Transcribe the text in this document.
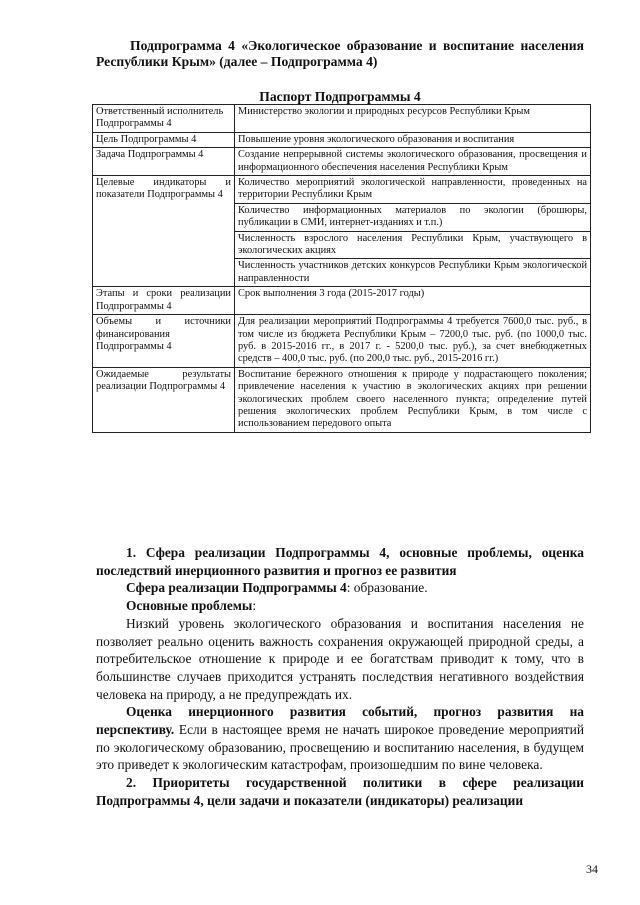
Подпрограмма 4 «Экологическое образование и воспитание населения Республики Крым» (далее – Подпрограмма 4)
Паспорт Подпрограммы 4
Ответственный исполнитель Подпрограммы 4	Министерство экологии и природных ресурсов Республики Крым
Цель Подпрограммы 4	Повышение уровня экологического образования и воспитания
Задача Подпрограммы 4	Создание непрерывной системы экологического образования, просвещения и информационного обеспечения населения Республики Крым
Целевые индикаторы и показатели Подпрограммы 4	Количество мероприятий экологической направленности, проведенных на территории Республики Крым
	Количество информационных материалов по экологии (брошюры, публикации в СМИ, интернет-изданиях и т.п.)
	Численность взрослого населения Республики Крым, участвующего в экологических акциях
	Численность участников детских конкурсов Республики Крым экологической направленности
Этапы и сроки реализации Подпрограммы 4	Срок выполнения 3 года (2015-2017 годы)
Объемы и источники финансирования Подпрограммы 4	Для реализации мероприятий Подпрограммы 4 требуется 7600,0 тыс. руб., в том числе из бюджета Республики Крым – 7200,0 тыс. руб. (по 1000,0 тыс. руб. в 2015-2016 гг., в 2017 г. - 5200,0 тыс. руб.), за счет внебюджетных средств – 400,0 тыс. руб. (по 200,0 тыс. руб., 2015-2016 гг.)
Ожидаемые результаты реализации Подпрограммы 4	Воспитание бережного отношения к природе у подрастающего поколения; привлечение населения к участию в экологических акциях при решении экологических проблем своего населенного пункта; определение путей решения экологических проблем Республики Крым, в том числе с использованием передового опыта

1. Сфера реализации Подпрограммы 4, основные проблемы, оценка последствий инерционного развития и прогноз ее развития

Сфера реализации Подпрограммы 4: образование.

Основные проблемы:

Низкий уровень экологического образования и воспитания населения не позволяет реально оценить важность сохранения окружающей природной среды, а потребительское отношение к природе и ее богатствам приводит к тому, что в большинстве случаев приходится устранять последствия негативного воздействия человека на природу, а не предупреждать их.

Оценка инерционного развития событий, прогноз развития на перспективу. Если в настоящее время не начать широкое проведение мероприятий по экологическому образованию, просвещению и воспитанию населения, в будущем это приведет к экологическим катастрофам, произошедшим по вине человека.

2. Приоритеты государственной политики в сфере реализации Подпрограммы 4, цели задачи и показатели (индикаторы) реализации

34
